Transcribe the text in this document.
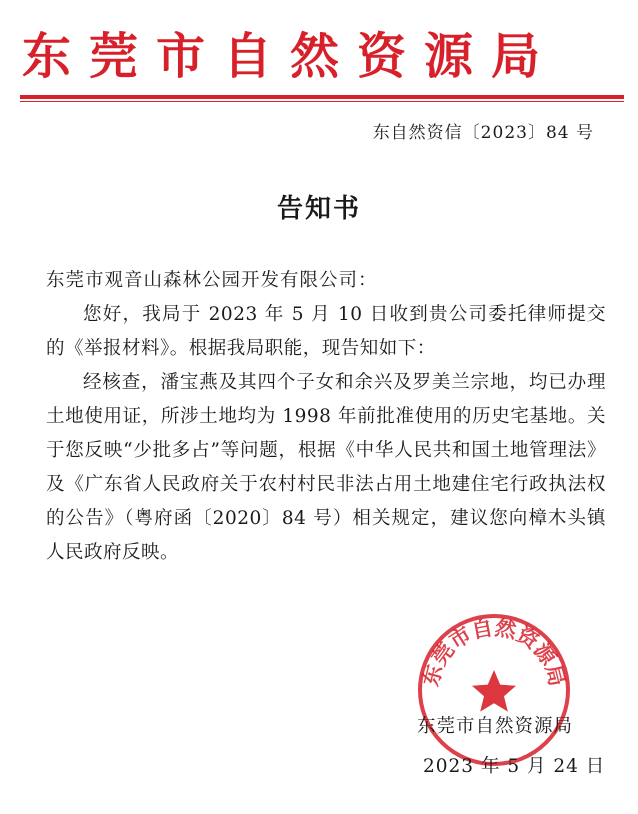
东莞市自然资源局
东自然资信〔2023〕84 号
告知书

东莞市观音山森林公园开发有限公司：

您好，我局于 2023 年 5 月 10 日收到贵公司委托律师提交的《举报材料》。根据我局职能，现告知如下：

经核查，潘宝燕及其四个子女和余兴及罗美兰宗地，均已办理土地使用证，所涉土地均为 1998 年前批准使用的历史宅基地。关于您反映“少批多占”等问题，根据《中华人民共和国土地管理法》及《广东省人民政府关于农村村民非法占用土地建住宅行政执法权的公告》（粤府函〔2020〕84 号）相关规定，建议您向樟木头镇人民政府反映。

东莞市自然资源局
东莞市自然资源局
2023 年 5 月 24 日
